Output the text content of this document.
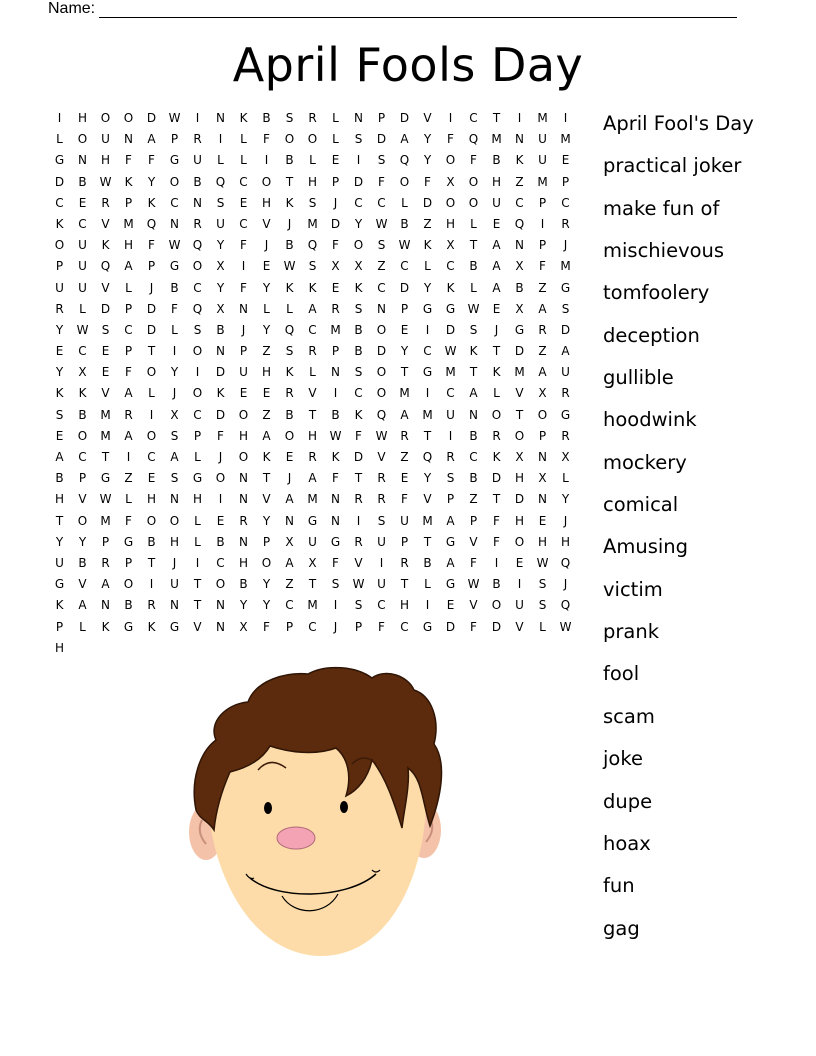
Name:
April Fools Day
I	H	O	O	D	W	I	N	K	B	S	R	L	N	P	D	V	I	C	T	I	M	I
L	O	U	N	A	P	R	I	L	F	O	O	L	S	D	A	Y	F	Q	M	N	U	M
G	N	H	F	F	G	U	L	L	I	B	L	E	I	S	Q	Y	O	F	B	K	U	E
D	B	W	K	Y	O	B	Q	C	O	T	H	P	D	F	O	F	X	O	H	Z	M	P
C	E	R	P	K	C	N	S	E	H	K	S	J	C	C	L	D	O	O	U	C	P	C
K	C	V	M	Q	N	R	U	C	V	J	M	D	Y	W	B	Z	H	L	E	Q	I	R
O	U	K	H	F	W	Q	Y	F	J	B	Q	F	O	S	W	K	X	T	A	N	P	J
P	U	Q	A	P	G	O	X	I	E	W	S	X	X	Z	C	L	C	B	A	X	F	M
U	U	V	L	J	B	C	Y	F	Y	K	K	E	K	C	D	Y	K	L	A	B	Z	G
R	L	D	P	D	F	Q	X	N	L	L	A	R	S	N	P	G	G	W	E	X	A	S
Y	W	S	C	D	L	S	B	J	Y	Q	C	M	B	O	E	I	D	S	J	G	R	D
E	C	E	P	T	I	O	N	P	Z	S	R	P	B	D	Y	C	W	K	T	D	Z	A
Y	X	E	F	O	Y	I	D	U	H	K	L	N	S	O	T	G	M	T	K	M	A	U
K	K	V	A	L	J	O	K	E	E	R	V	I	C	O	M	I	C	A	L	V	X	R
S	B	M	R	I	X	C	D	O	Z	B	T	B	K	Q	A	M	U	N	O	T	O	G
E	O	M	A	O	S	P	F	H	A	O	H	W	F	W	R	T	I	B	R	O	P	R
A	C	T	I	C	A	L	J	O	K	E	R	K	D	V	Z	Q	R	C	K	X	N	X
B	P	G	Z	E	S	G	O	N	T	J	A	F	T	R	E	Y	S	B	D	H	X	L
H	V	W	L	H	N	H	I	N	V	A	M	N	R	R	F	V	P	Z	T	D	N	Y
T	O	M	F	O	O	L	E	R	Y	N	G	N	I	S	U	M	A	P	F	H	E	J
Y	Y	P	G	B	H	L	B	N	P	X	U	G	R	U	P	T	G	V	F	O	H	H
U	B	R	P	T	J	I	C	H	O	A	X	F	V	I	R	B	A	F	I	E	W	Q
G	V	A	O	I	U	T	O	B	Y	Z	T	S	W	U	T	L	G	W	B	I	S	J
K	A	N	B	R	N	T	N	Y	Y	C	M	I	S	C	H	I	E	V	O	U	S	Q
P	L	K	G	K	G	V	N	X	F	P	C	J	P	F	C	G	D	F	D	V	L	W
H
April Fool's Day
practical joker
make fun of
mischievous
tomfoolery
deception
gullible
hoodwink
mockery
comical
Amusing
victim
prank
fool
scam
joke
dupe
hoax
fun
gag
